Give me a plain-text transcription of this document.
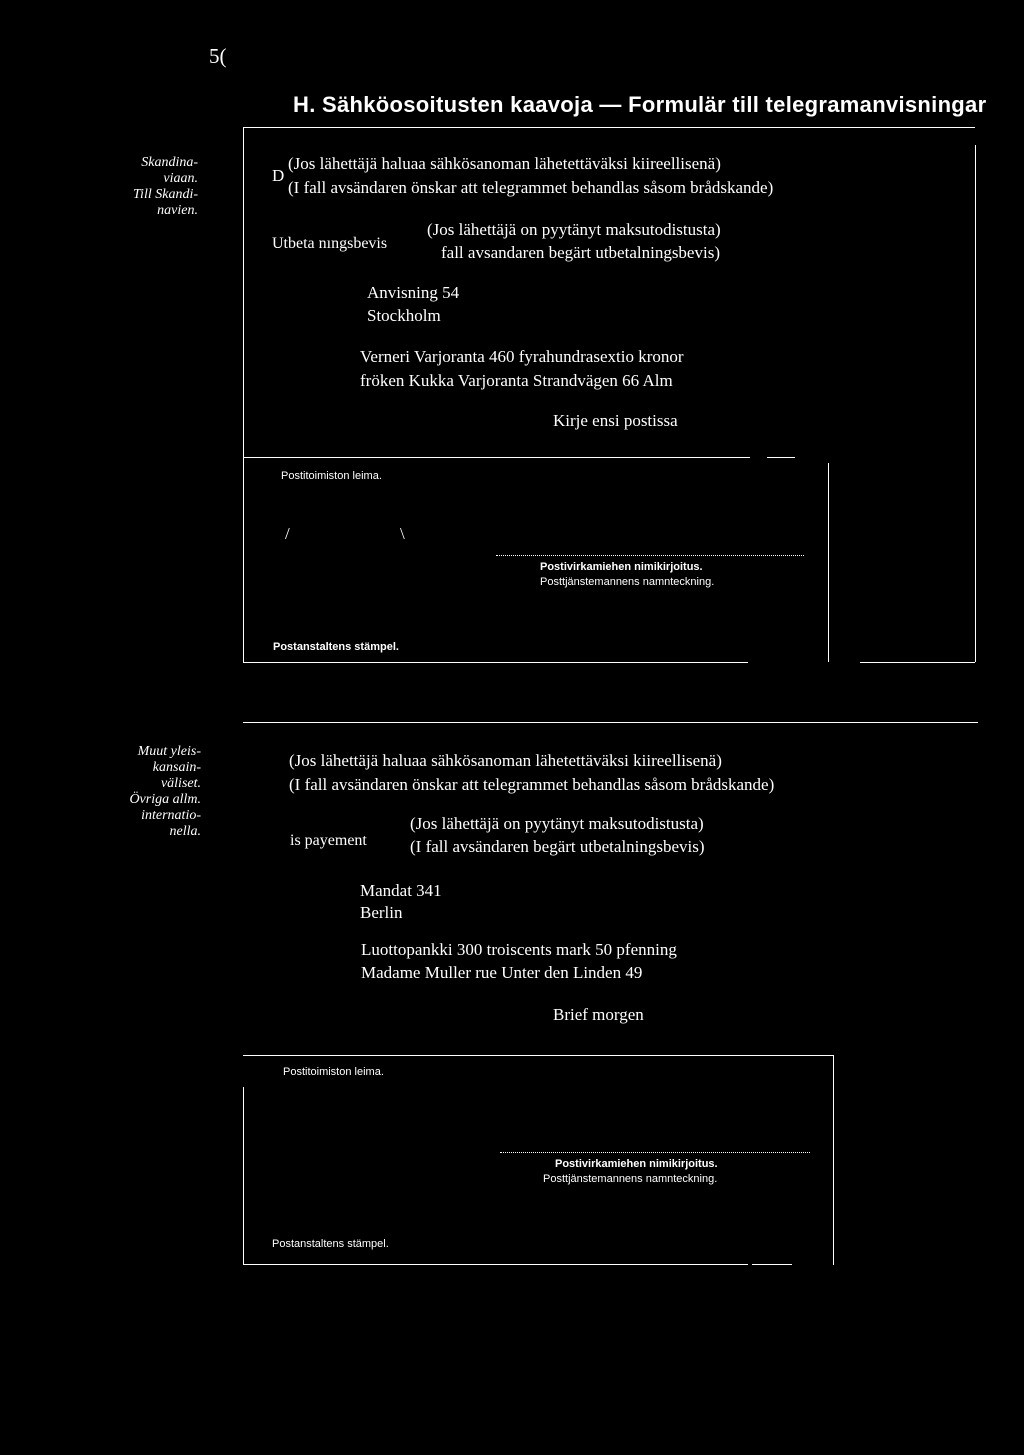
5(
H. Sähköosoitusten kaavoja — Formulär till telegramanvisningar
Skandina-
viaan.
Till Skandi-
navien.
D
(Jos lähettäjä haluaa sähkösanoman lähetettäväksi kiireellisenä)
(I fall avsändaren önskar att telegrammet behandlas såsom brådskande)
Utbeta nıngsbevis
(Jos lähettäjä on pyytänyt maksutodistusta)
fall avsandaren begärt utbetalningsbevis)
Anvisning 54
Stockholm
Verneri Varjoranta 460 fyrahundrasextio kronor
fröken Kukka Varjoranta Strandvägen 66 Alm
Kirje ensi postissa
Postitoimiston leima.
/	\
Postivirkamiehen nimikirjoitus.
Posttjänstemannens namnteckning.
Postanstaltens stämpel.
Muut yleis-
kansain-
väliset.
Övriga allm.
internatio-
nella.
(Jos lähettäjä haluaa sähkösanoman lähetettäväksi kiireellisenä)
(I fall avsändaren önskar att telegrammet behandlas såsom brådskande)
is payement
(Jos lähettäjä on pyytänyt maksutodistusta)
(I fall avsändaren begärt utbetalningsbevis)
Mandat 341
Berlin
Luottopankki 300 troiscents mark 50 pfenning
Madame Muller rue Unter den Linden 49
Brief morgen
Postitoimiston leima.
Postivirkamiehen nimikirjoitus.
Posttjänstemannens namnteckning.
Postanstaltens stämpel.
